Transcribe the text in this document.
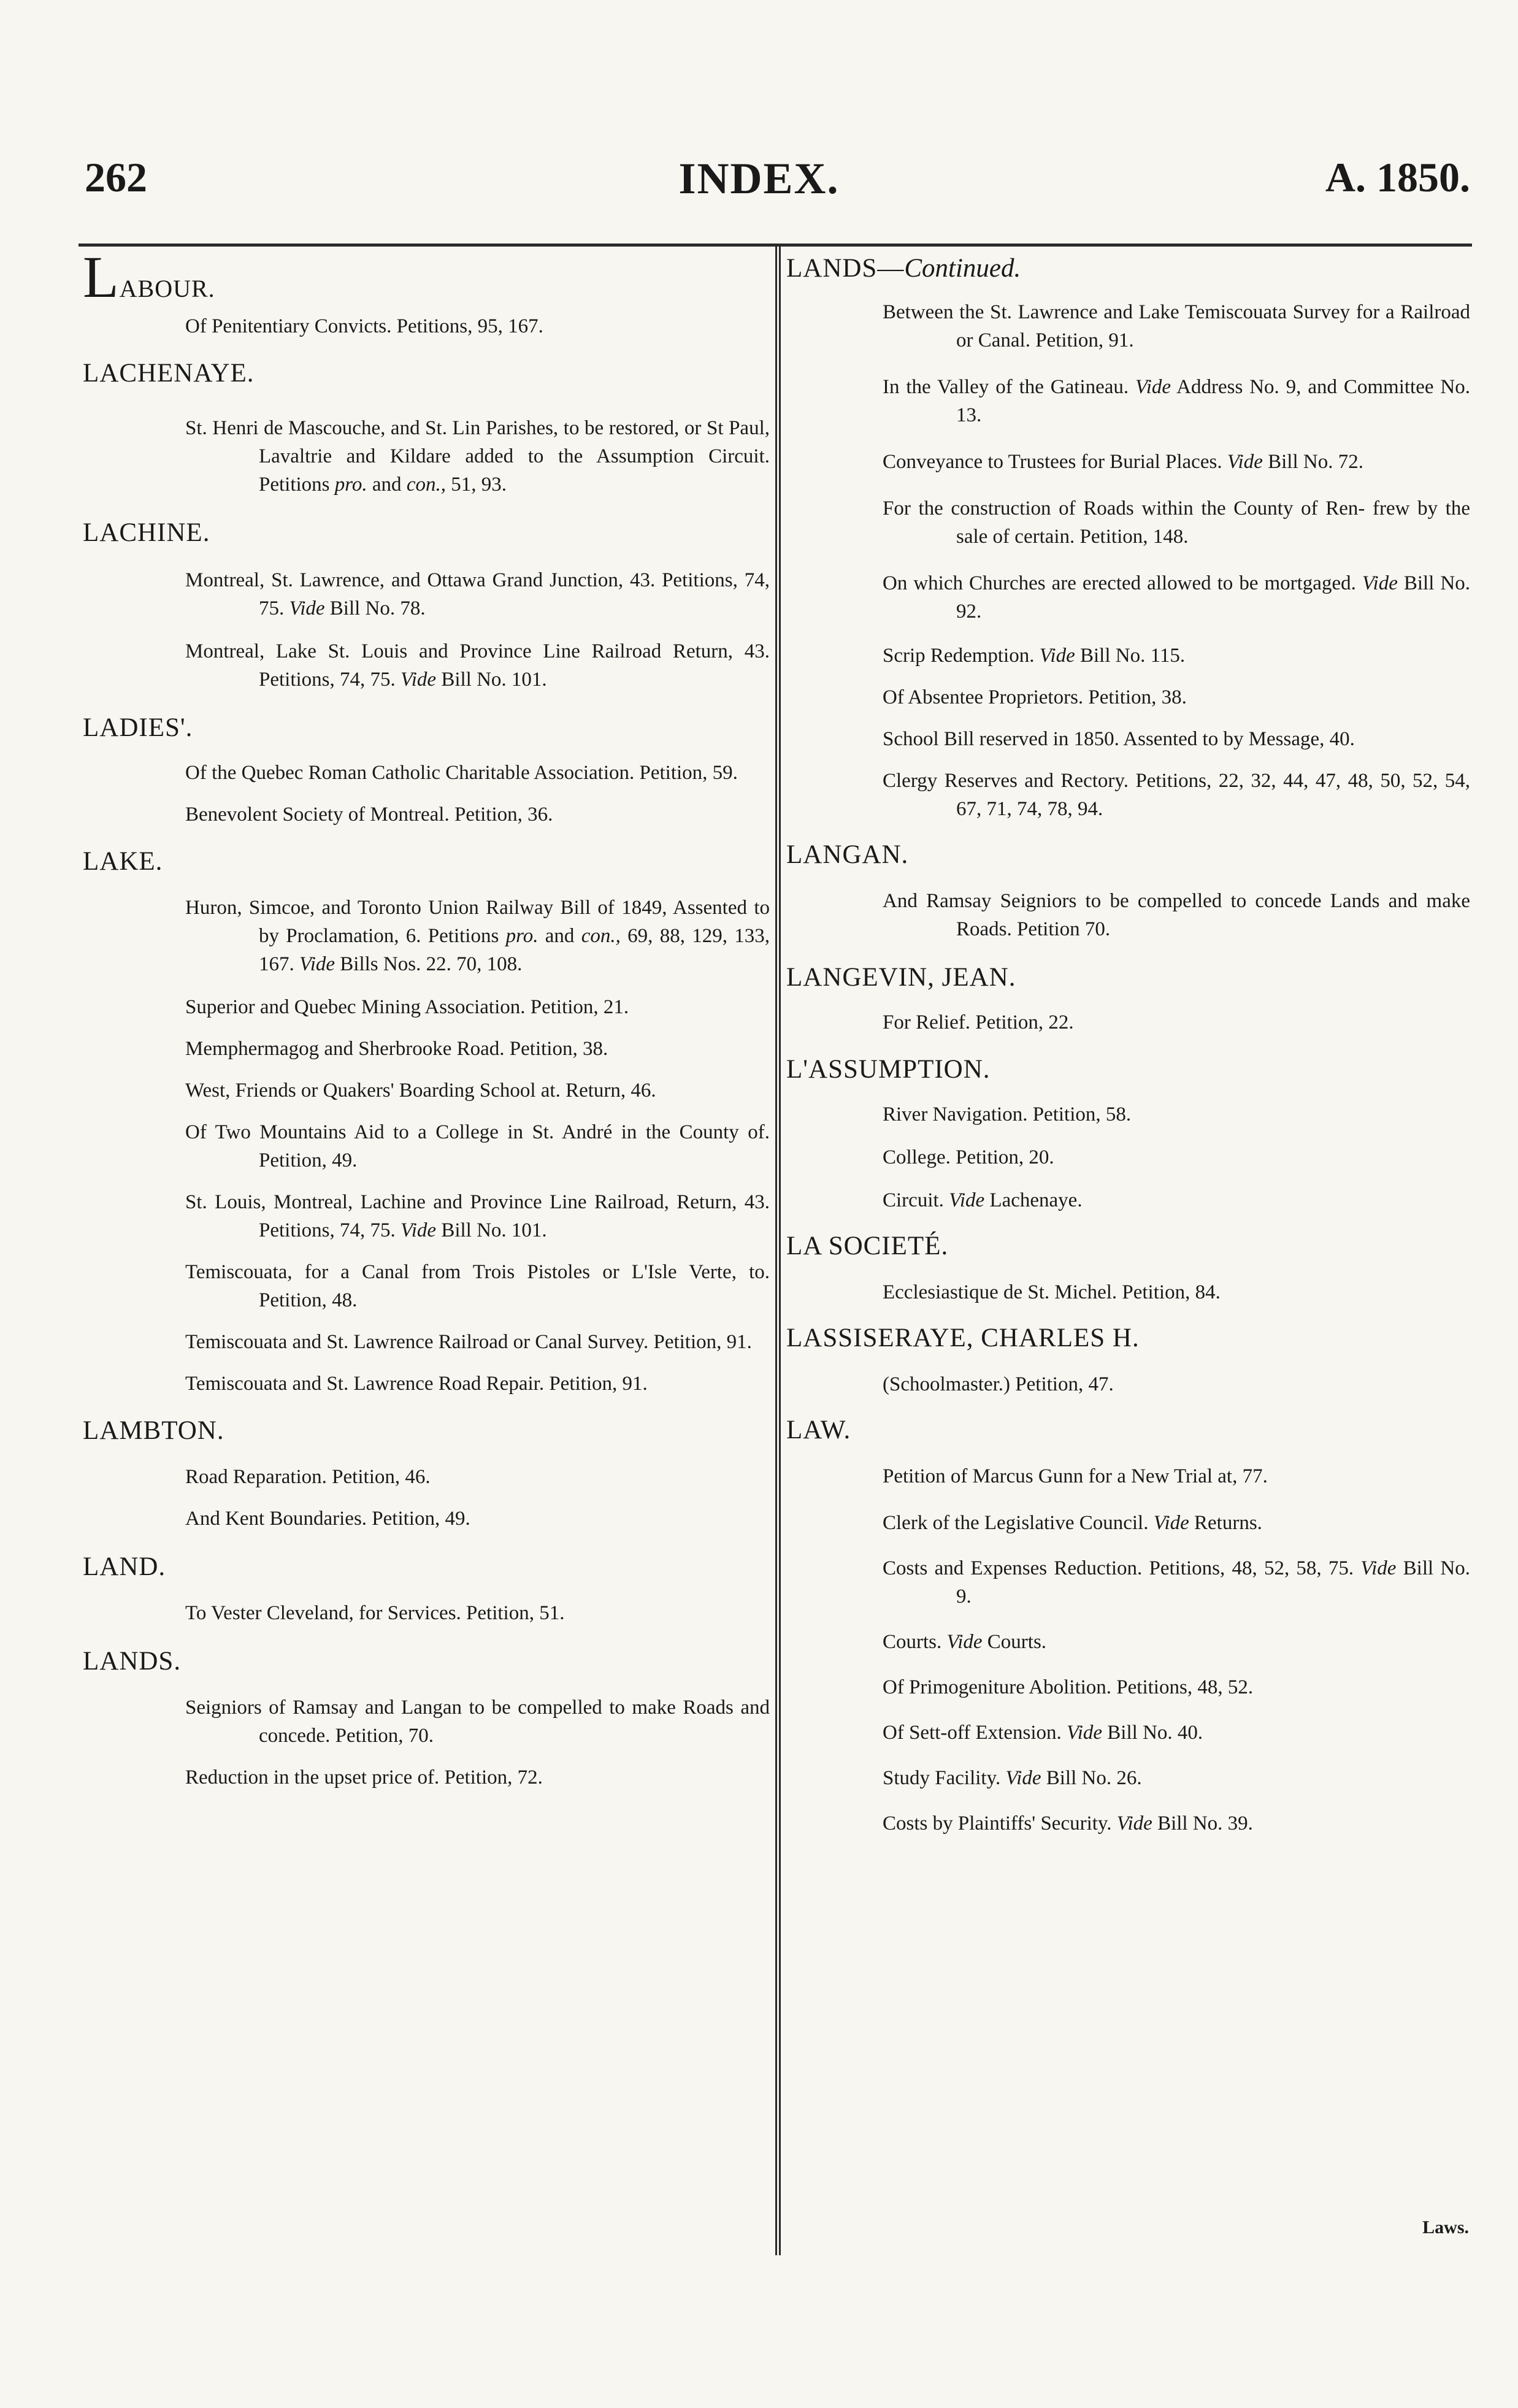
262	INDEX.	A. 1850.
LABOUR.
Of Penitentiary Convicts. Petitions, 95, 167.
LACHENAYE.
St. Henri de Mascouche, and St. Lin Parishes, to be restored, or St Paul, Lavaltrie and Kildare added to the Assumption Circuit. Petitions pro. and con., 51, 93.
LACHINE.
Montreal, St. Lawrence, and Ottawa Grand Junction, 43. Petitions, 74, 75. Vide Bill No. 78.
Montreal, Lake St. Louis and Province Line Railroad Return, 43. Petitions, 74, 75. Vide Bill No. 101.
LADIES'.
Of the Quebec Roman Catholic Charitable Association. Petition, 59.
Benevolent Society of Montreal. Petition, 36.
LAKE.
Huron, Simcoe, and Toronto Union Railway Bill of 1849, Assented to by Proclamation, 6. Petitions pro. and con., 69, 88, 129, 133, 167. Vide Bills Nos. 22. 70, 108.
Superior and Quebec Mining Association. Petition, 21.
Memphermagog and Sherbrooke Road. Petition, 38.
West, Friends or Quakers' Boarding School at. Return, 46.
Of Two Mountains Aid to a College in St. André in the County of. Petition, 49.
St. Louis, Montreal, Lachine and Province Line Railroad, Return, 43. Petitions, 74, 75. Vide Bill No. 101.
Temiscouata, for a Canal from Trois Pistoles or L'Isle Verte, to. Petition, 48.
Temiscouata and St. Lawrence Railroad or Canal Survey. Petition, 91.
Temiscouata and St. Lawrence Road Repair. Petition, 91.
LAMBTON.
Road Reparation. Petition, 46.
And Kent Boundaries. Petition, 49.
LAND.
To Vester Cleveland, for Services. Petition, 51.
LANDS.
Seigniors of Ramsay and Langan to be compelled to make Roads and concede. Petition, 70.
Reduction in the upset price of. Petition, 72.
LANDS—Continued.
Between the St. Lawrence and Lake Temiscouata Survey for a Railroad or Canal. Petition, 91.
In the Valley of the Gatineau. Vide Address No. 9, and Committee No. 13.
Conveyance to Trustees for Burial Places. Vide Bill No. 72.
For the construction of Roads within the County of Ren- frew by the sale of certain. Petition, 148.
On which Churches are erected allowed to be mortgaged. Vide Bill No. 92.
Scrip Redemption. Vide Bill No. 115.
Of Absentee Proprietors. Petition, 38.
School Bill reserved in 1850. Assented to by Message, 40.
Clergy Reserves and Rectory. Petitions, 22, 32, 44, 47, 48, 50, 52, 54, 67, 71, 74, 78, 94.
LANGAN.
And Ramsay Seigniors to be compelled to concede Lands and make Roads. Petition 70.
LANGEVIN, JEAN.
For Relief. Petition, 22.
L'ASSUMPTION.
River Navigation. Petition, 58.
College. Petition, 20.
Circuit. Vide Lachenaye.
LA SOCIETÉ.
Ecclesiastique de St. Michel. Petition, 84.
LASSISERAYE, CHARLES H.
(Schoolmaster.) Petition, 47.
LAW.
Petition of Marcus Gunn for a New Trial at, 77.
Clerk of the Legislative Council. Vide Returns.
Costs and Expenses Reduction. Petitions, 48, 52, 58, 75. Vide Bill No. 9.
Courts. Vide Courts.
Of Primogeniture Abolition. Petitions, 48, 52.
Of Sett-off Extension. Vide Bill No. 40.
Study Facility. Vide Bill No. 26.
Costs by Plaintiffs' Security. Vide Bill No. 39.
Laws.
